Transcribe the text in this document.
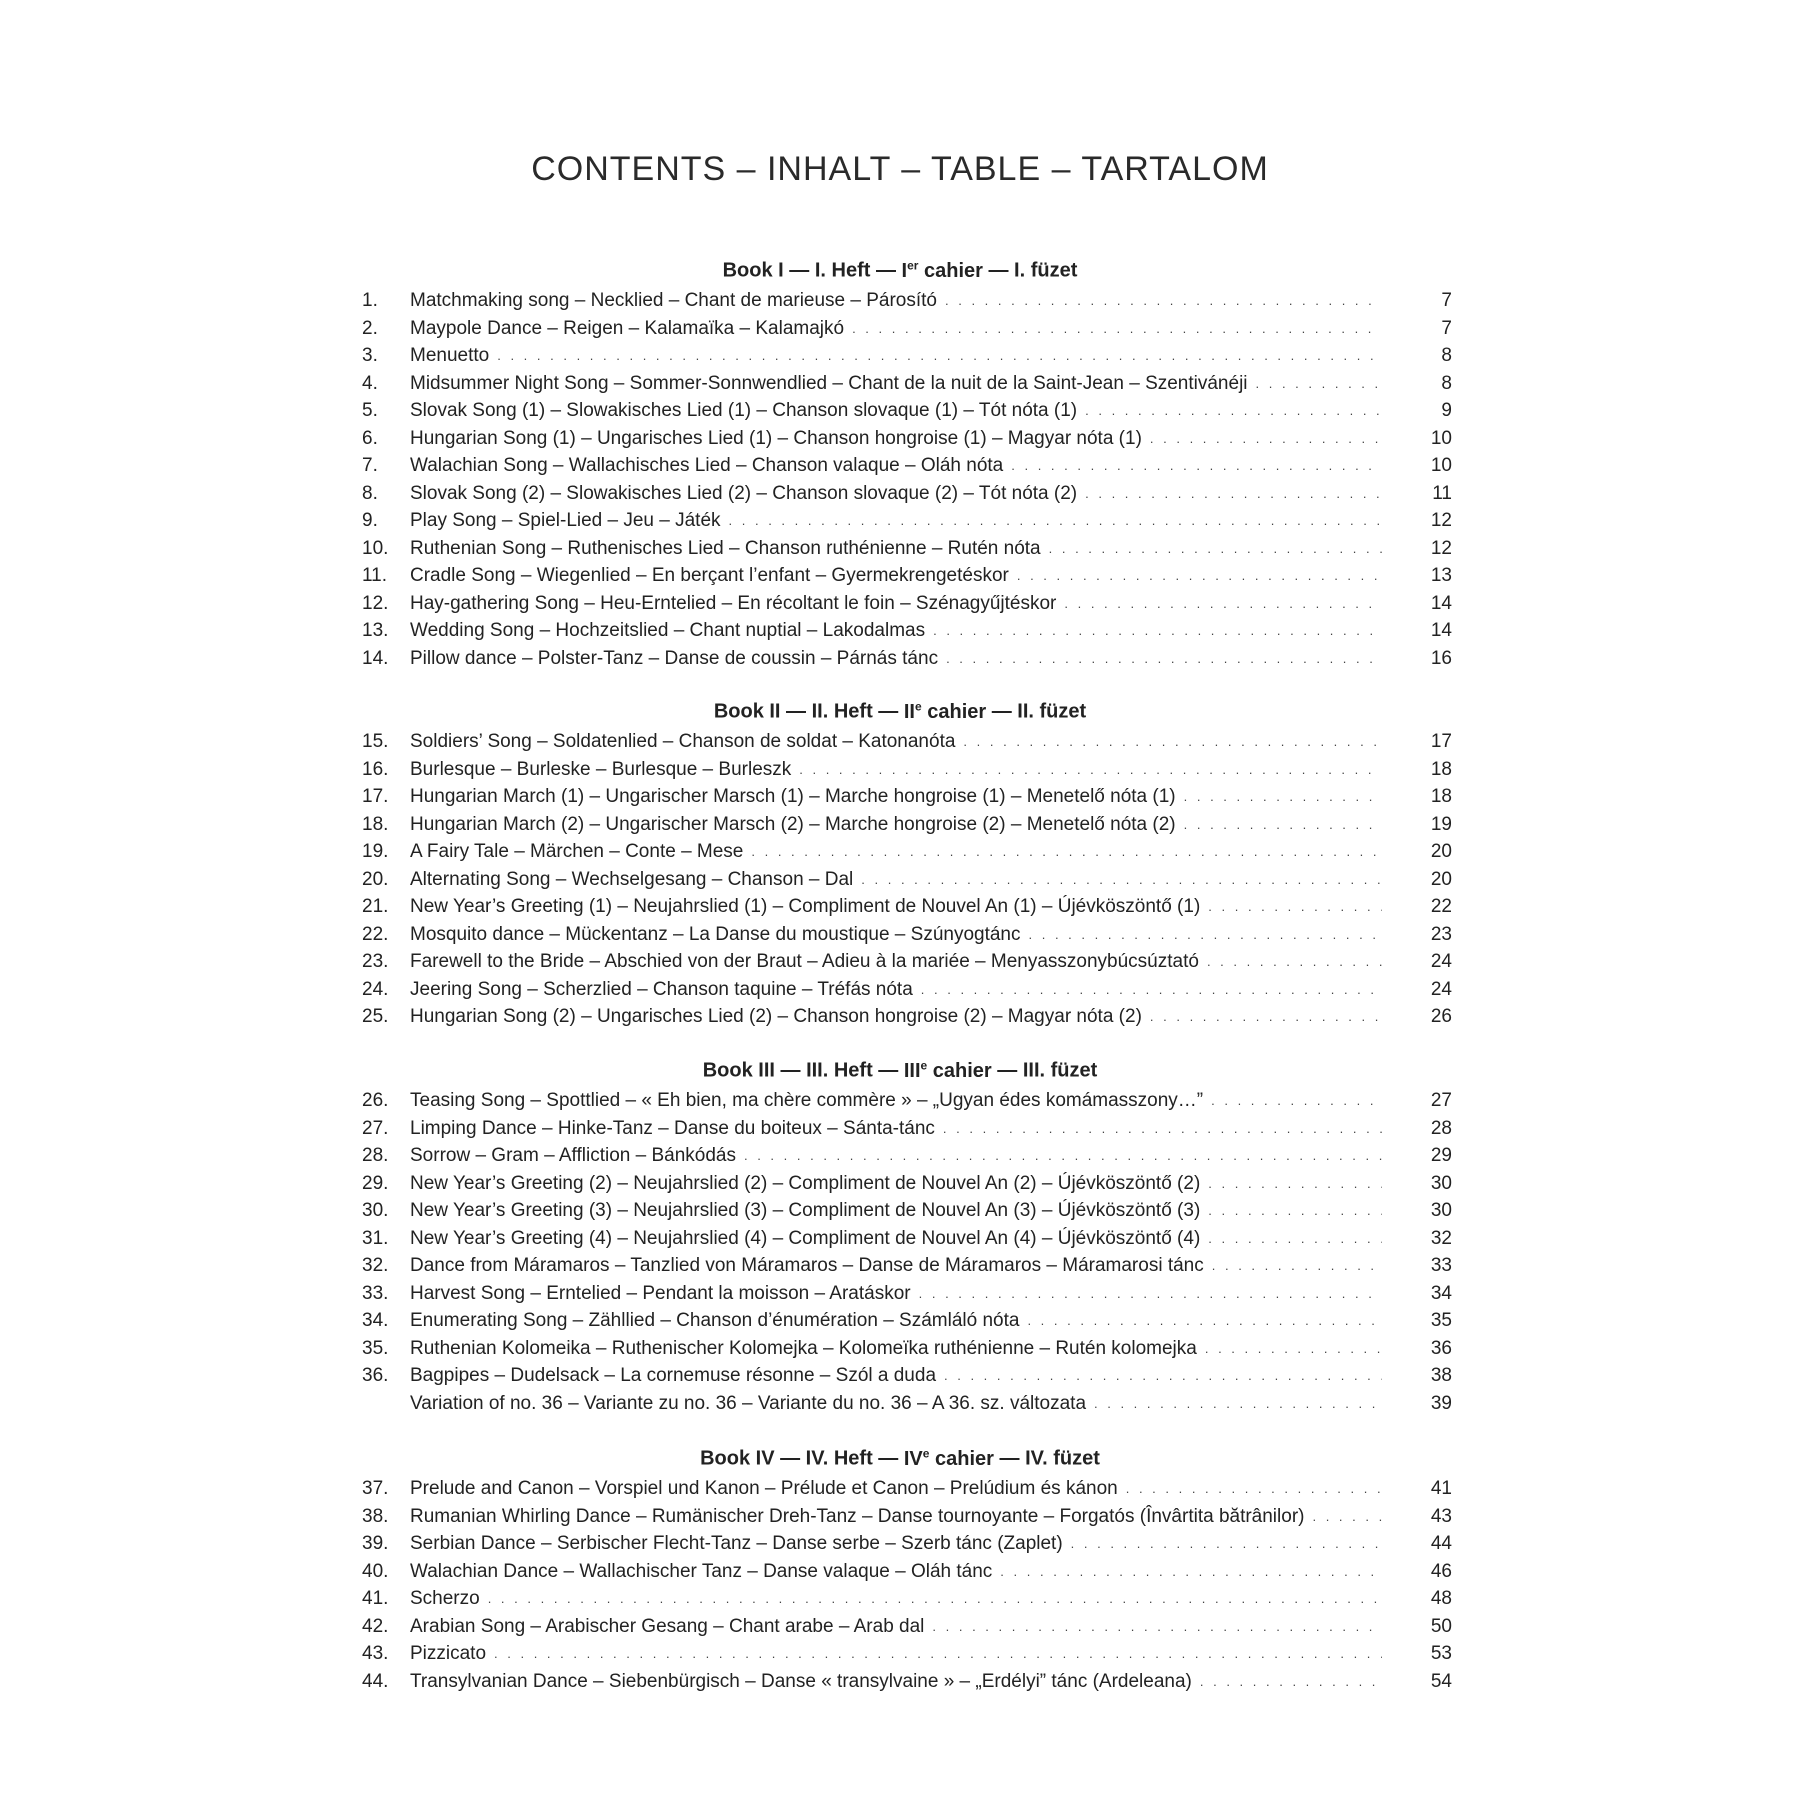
CONTENTS – INHALT – TABLE – TARTALOM
Book I — I. Heft — Ier cahier — I. füzet
1.	Matchmaking song – Necklied – Chant de marieuse – Párosító . . .	7
2.	Maypole Dance – Reigen – Kalamaïka – Kalamajkó . . .	7
3.	Menuetto . . .	8
4.	Midsummer Night Song – Sommer-Sonnwendlied – Chant de la nuit de la Saint-Jean – Szentivánéji . . .	8
5.	Slovak Song (1) – Slowakisches Lied (1) – Chanson slovaque (1) – Tót nóta (1) . . .	9
6.	Hungarian Song (1) – Ungarisches Lied (1) – Chanson hongroise (1) – Magyar nóta (1) . . .	10
7.	Walachian Song – Wallachisches Lied – Chanson valaque – Oláh nóta . . .	10
8.	Slovak Song (2) – Slowakisches Lied (2) – Chanson slovaque (2) – Tót nóta (2) . . .	11
9.	Play Song – Spiel-Lied – Jeu – Játék . . .	12
10.	Ruthenian Song – Ruthenisches Lied – Chanson ruthénienne – Rutén nóta . . .	12
11.	Cradle Song – Wiegenlied – En berçant l’enfant – Gyermekrengetéskor . . .	13
12.	Hay-gathering Song – Heu-Erntelied – En récoltant le foin – Szénagyűjtéskor . . .	14
13.	Wedding Song – Hochzeitslied – Chant nuptial – Lakodalmas . . .	14
14.	Pillow dance – Polster-Tanz – Danse de coussin – Párnás tánc . . .	16
Book II — II. Heft — IIe cahier — II. füzet
15.	Soldiers’ Song – Soldatenlied – Chanson de soldat – Katonanóta . . .	17
16.	Burlesque – Burleske – Burlesque – Burleszk . . .	18
17.	Hungarian March (1) – Ungarischer Marsch (1) – Marche hongroise (1) – Menetelő nóta (1) . . .	18
18.	Hungarian March (2) – Ungarischer Marsch (2) – Marche hongroise (2) – Menetelő nóta (2) . . .	19
19.	A Fairy Tale – Märchen – Conte – Mese . . .	20
20.	Alternating Song – Wechselgesang – Chanson – Dal . . .	20
21.	New Year’s Greeting (1) – Neujahrslied (1) – Compliment de Nouvel An (1) – Újévköszöntő (1) . . .	22
22.	Mosquito dance – Mückentanz – La Danse du moustique – Szúnyogtánc . . .	23
23.	Farewell to the Bride – Abschied von der Braut – Adieu à la mariée – Menyasszonybúcsúztató . . .	24
24.	Jeering Song – Scherzlied – Chanson taquine – Tréfás nóta . . .	24
25.	Hungarian Song (2) – Ungarisches Lied (2) – Chanson hongroise (2) – Magyar nóta (2) . . .	26
Book III — III. Heft — IIIe cahier — III. füzet
26.	Teasing Song – Spottlied – « Eh bien, ma chère commère » – „Ugyan édes komámasszony…” . . .	27
27.	Limping Dance – Hinke-Tanz – Danse du boiteux – Sánta-tánc . . .	28
28.	Sorrow – Gram – Affliction – Bánkódás . . .	29
29.	New Year’s Greeting (2) – Neujahrslied (2) – Compliment de Nouvel An (2) – Újévköszöntő (2) . . .	30
30.	New Year’s Greeting (3) – Neujahrslied (3) – Compliment de Nouvel An (3) – Újévköszöntő (3) . . .	30
31.	New Year’s Greeting (4) – Neujahrslied (4) – Compliment de Nouvel An (4) – Újévköszöntő (4) . . .	32
32.	Dance from Máramaros – Tanzlied von Máramaros – Danse de Máramaros – Máramarosi tánc . . .	33
33.	Harvest Song – Erntelied – Pendant la moisson – Aratáskor . . .	34
34.	Enumerating Song – Zähllied – Chanson d’énumération – Számláló nóta . . .	35
35.	Ruthenian Kolomeika – Ruthenischer Kolomejka – Kolomeïka ruthénienne – Rutén kolomejka . . .	36
36.	Bagpipes – Dudelsack – La cornemuse résonne – Szól a duda . . .	38
Variation of no. 36 – Variante zu no. 36 – Variante du no. 36 – A 36. sz. változata . . .	39
Book IV — IV. Heft — IVe cahier — IV. füzet
37.	Prelude and Canon – Vorspiel und Kanon – Prélude et Canon – Prelúdium és kánon . . .	41
38.	Rumanian Whirling Dance – Rumänischer Dreh-Tanz – Danse tournoyante – Forgatós (Învârtita bătrânilor) . . .	43
39.	Serbian Dance – Serbischer Flecht-Tanz – Danse serbe – Szerb tánc (Zaplet) . . .	44
40.	Walachian Dance – Wallachischer Tanz – Danse valaque – Oláh tánc . . .	46
41.	Scherzo . . .	48
42.	Arabian Song – Arabischer Gesang – Chant arabe – Arab dal . . .	50
43.	Pizzicato . . .	53
44.	Transylvanian Dance – Siebenbürgisch – Danse « transylvaine » – „Erdélyi” tánc (Ardeleana) . . .	54
